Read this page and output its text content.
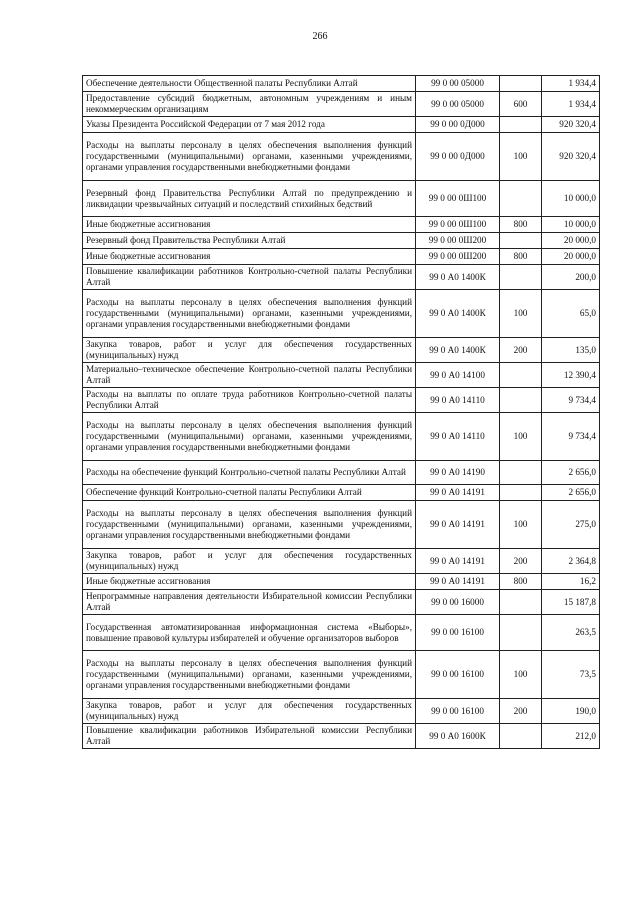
266
Обеспечение деятельности Общественной палаты Республики Алтай	99 0 00 05000		1 934,4
Предоставление субсидий бюджетным, автономным учреждениям и иным некоммерческим организациям	99 0 00 05000	600	1 934,4
Указы Президента Российской Федерации от 7 мая 2012 года	99 0 00 0Д000		920 320,4
Расходы на выплаты персоналу в целях обеспечения выполнения функций государственными (муниципальными) органами, казенными учреждениями, органами управления государственными внебюджетными фондами	99 0 00 0Д000	100	920 320,4
Резервный фонд Правительства Республики Алтай по предупреждению и ликвидации чрезвычайных ситуаций и последствий стихийных бедствий	99 0 00 0Ш100		10 000,0
Иные бюджетные ассигнования	99 0 00 0Ш100	800	10 000,0
Резервный фонд Правительства Республики Алтай	99 0 00 0Ш200		20 000,0
Иные бюджетные ассигнования	99 0 00 0Ш200	800	20 000,0
Повышение квалификации работников Контрольно-счетной палаты Республики Алтай	99 0 А0 1400К		200,0
Расходы на выплаты персоналу в целях обеспечения выполнения функций государственными (муниципальными) органами, казенными учреждениями, органами управления государственными внебюджетными фондами	99 0 А0 1400К	100	65,0
Закупка товаров, работ и услуг для обеспечения государственных (муниципальных) нужд	99 0 А0 1400К	200	135,0
Материально–техническое обеспечение Контрольно-счетной палаты Республики Алтай	99 0 А0 14100		12 390,4
Расходы на выплаты по оплате труда работников Контрольно-счетной палаты Республики Алтай	99 0 А0 14110		9 734,4
Расходы на выплаты персоналу в целях обеспечения выполнения функций государственными (муниципальными) органами, казенными учреждениями, органами управления государственными внебюджетными фондами	99 0 А0 14110	100	9 734,4
Расходы на обеспечение функций Контрольно-счетной палаты Республики Алтай	99 0 А0 14190		2 656,0
Обеспечение функций Контрольно-счетной палаты Республики Алтай	99 0 А0 14191		2 656,0
Расходы на выплаты персоналу в целях обеспечения выполнения функций государственными (муниципальными) органами, казенными учреждениями, органами управления государственными внебюджетными фондами	99 0 А0 14191	100	275,0
Закупка товаров, работ и услуг для обеспечения государственных (муниципальных) нужд	99 0 А0 14191	200	2 364,8
Иные бюджетные ассигнования	99 0 А0 14191	800	16,2
Непрограммные направления деятельности Избирательной комиссии Республики Алтай	99 0 00 16000		15 187,8
Государственная автоматизированная информационная система «Выборы», повышение правовой культуры избирателей и обучение организаторов выборов	99 0 00 16100		263,5
Расходы на выплаты персоналу в целях обеспечения выполнения функций государственными (муниципальными) органами, казенными учреждениями, органами управления государственными внебюджетными фондами	99 0 00 16100	100	73,5
Закупка товаров, работ и услуг для обеспечения государственных (муниципальных) нужд	99 0 00 16100	200	190,0
Повышение квалификации работников Избирательной комиссии Республики Алтай	99 0 А0 1600К		212,0
